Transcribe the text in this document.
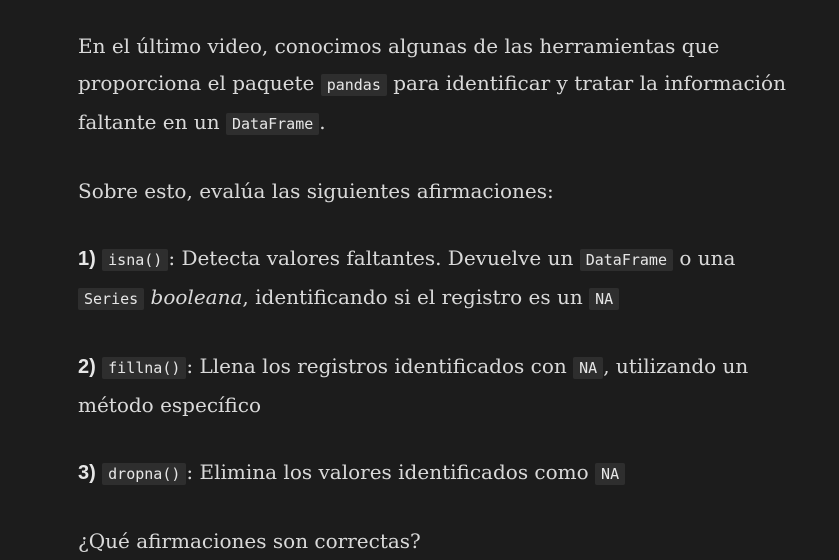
En el último video, conocimos algunas de las herramientas que proporciona el paquete pandas para identificar y tratar la información faltante en un DataFrame .

Sobre esto, evalúa las siguientes afirmaciones:

1) isna() : Detecta valores faltantes. Devuelve un DataFrame o una Series booleana, identificando si el registro es un NA

2) fillna() : Llena los registros identificados con NA , utilizando un método específico

3) dropna() : Elimina los valores identificados como NA

¿Qué afirmaciones son correctas?
